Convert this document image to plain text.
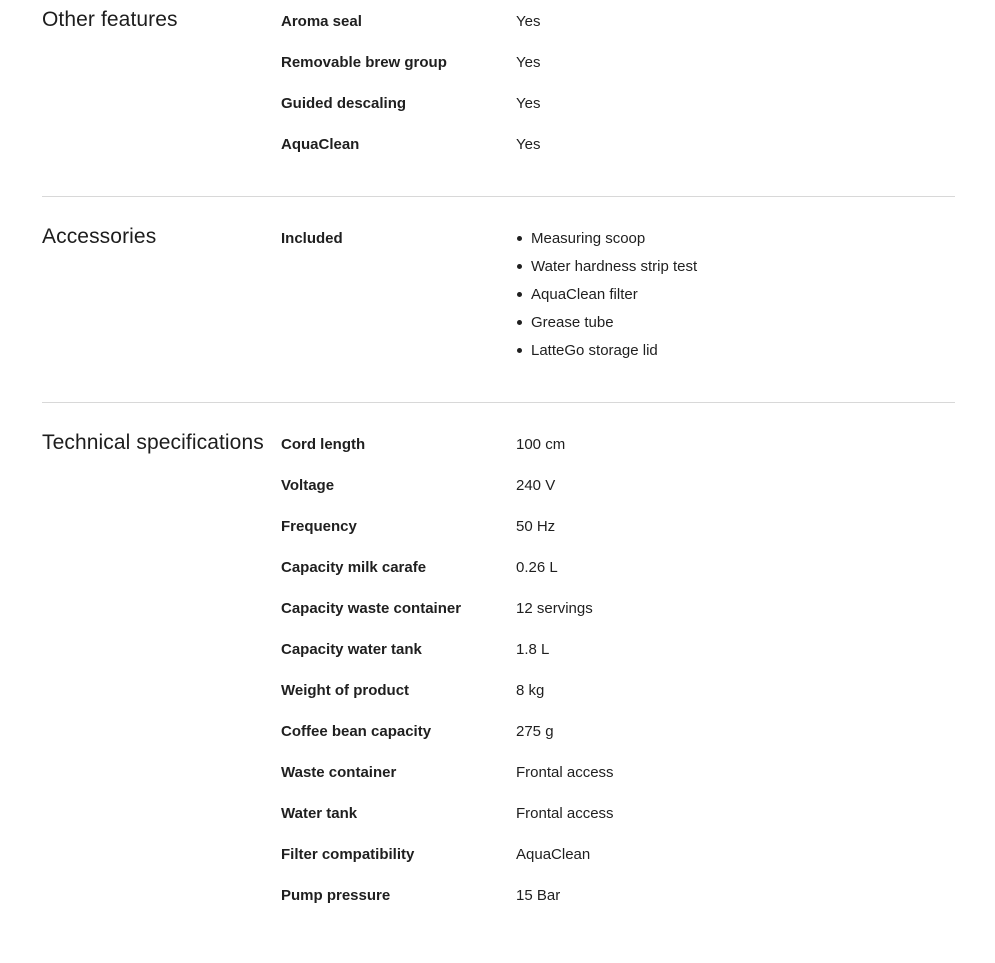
Other features	Aroma seal	Yes
Removable brew group	Yes
Guided descaling	Yes
AquaClean	Yes
Accessories	Included	Measuring scoop
Water hardness strip test
AquaClean filter
Grease tube
LatteGo storage lid
Technical specifications	Cord length	100 cm
Voltage	240 V
Frequency	50 Hz
Capacity milk carafe	0.26 L
Capacity waste container	12 servings
Capacity water tank	1.8 L
Weight of product	8 kg
Coffee bean capacity	275 g
Waste container	Frontal access
Water tank	Frontal access
Filter compatibility	AquaClean
Pump pressure	15 Bar
